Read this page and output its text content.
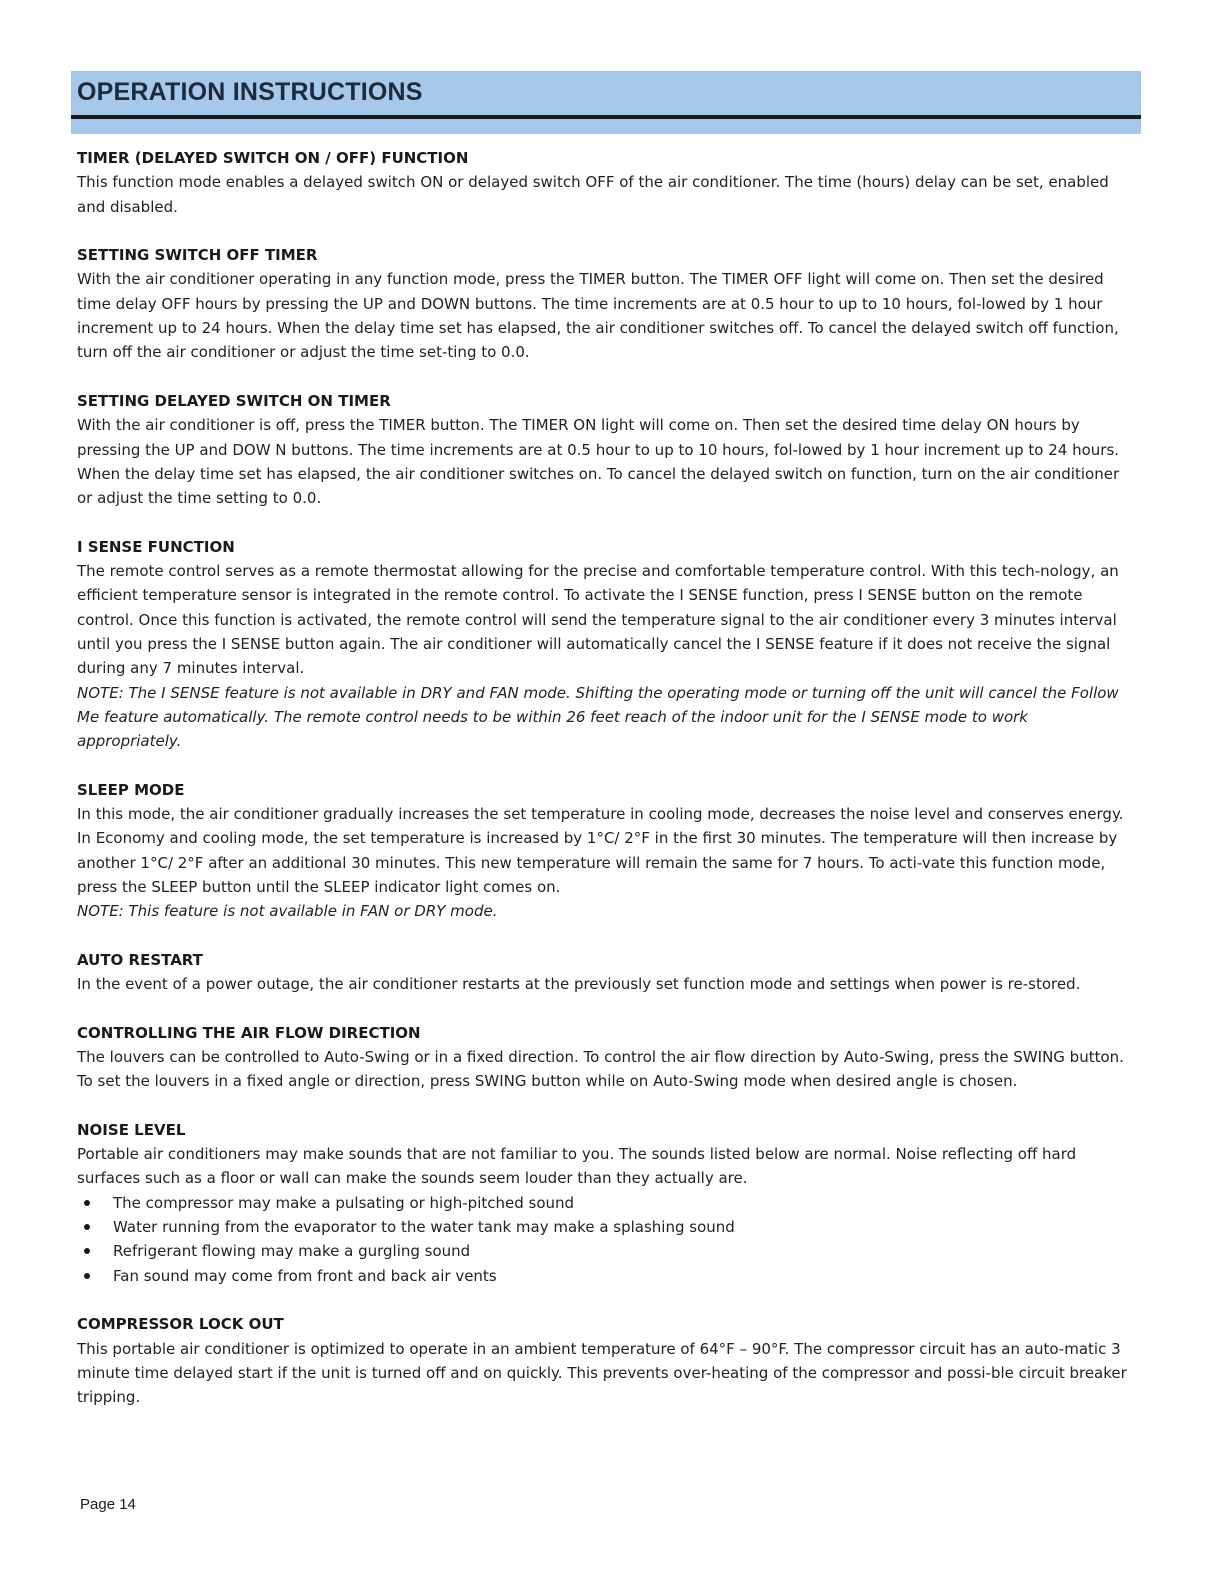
OPERATION INSTRUCTIONS
TIMER (DELAYED SWITCH ON / OFF) FUNCTION

This function mode enables a delayed switch ON or delayed switch OFF of the air conditioner. The time (hours) delay can be set, enabled and disabled.

SETTING SWITCH OFF TIMER

With the air conditioner operating in any function mode, press the TIMER button. The TIMER OFF light will come on. Then set the desired time delay OFF hours by pressing the UP and DOWN buttons. The time increments are at 0.5 hour to up to 10 hours, fol-lowed by 1 hour increment up to 24 hours. When the delay time set has elapsed, the air conditioner switches off. To cancel the delayed switch off function, turn off the air conditioner or adjust the time set-ting to 0.0.

SETTING DELAYED SWITCH ON TIMER

With the air conditioner is off, press the TIMER button. The TIMER ON light will come on. Then set the desired time delay ON hours by pressing the UP and DOW N buttons. The time increments are at 0.5 hour to up to 10 hours, fol-lowed by 1 hour increment up to 24 hours. When the delay time set has elapsed, the air conditioner switches on. To cancel the delayed switch on function, turn on the air conditioner or adjust the time setting to 0.0.

I SENSE FUNCTION

The remote control serves as a remote thermostat allowing for the precise and comfortable temperature control. With this tech-nology, an efficient temperature sensor is integrated in the remote control. To activate the I SENSE function, press I SENSE button on the remote control. Once this function is activated, the remote control will send the temperature signal to the air conditioner every 3 minutes interval until you press the I SENSE button again. The air conditioner will automatically cancel the I SENSE feature if it does not receive the signal during any 7 minutes interval.

NOTE: The I SENSE feature is not available in DRY and FAN mode. Shifting the operating mode or turning off the unit will cancel the Follow Me feature automatically. The remote control needs to be within 26 feet reach of the indoor unit for the I SENSE mode to work appropriately.

SLEEP MODE

In this mode, the air conditioner gradually increases the set temperature in cooling mode, decreases the noise level and conserves energy. In Economy and cooling mode, the set temperature is increased by 1°C/ 2°F in the first 30 minutes. The temperature will then increase by another 1°C/ 2°F after an additional 30 minutes. This new temperature will remain the same for 7 hours. To acti-vate this function mode, press the SLEEP button until the SLEEP indicator light comes on.

NOTE: This feature is not available in FAN or DRY mode.

AUTO RESTART

In the event of a power outage, the air conditioner restarts at the previously set function mode and settings when power is re-stored.

CONTROLLING THE AIR FLOW DIRECTION

The louvers can be controlled to Auto-Swing or in a fixed direction. To control the air flow direction by Auto-Swing, press the SWING button. To set the louvers in a fixed angle or direction, press SWING button while on Auto-Swing mode when desired angle is chosen.

NOISE LEVEL

Portable air conditioners may make sounds that are not familiar to you. The sounds listed below are normal. Noise reflecting off hard surfaces such as a floor or wall can make the sounds seem louder than they actually are.

The compressor may make a pulsating or high-pitched sound
Water running from the evaporator to the water tank may make a splashing sound
Refrigerant flowing may make a gurgling sound
Fan sound may come from front and back air vents
COMPRESSOR LOCK OUT

This portable air conditioner is optimized to operate in an ambient temperature of 64°F – 90°F. The compressor circuit has an auto-matic 3 minute time delayed start if the unit is turned off and on quickly. This prevents over-heating of the compressor and possi-ble circuit breaker tripping.

Page 14
